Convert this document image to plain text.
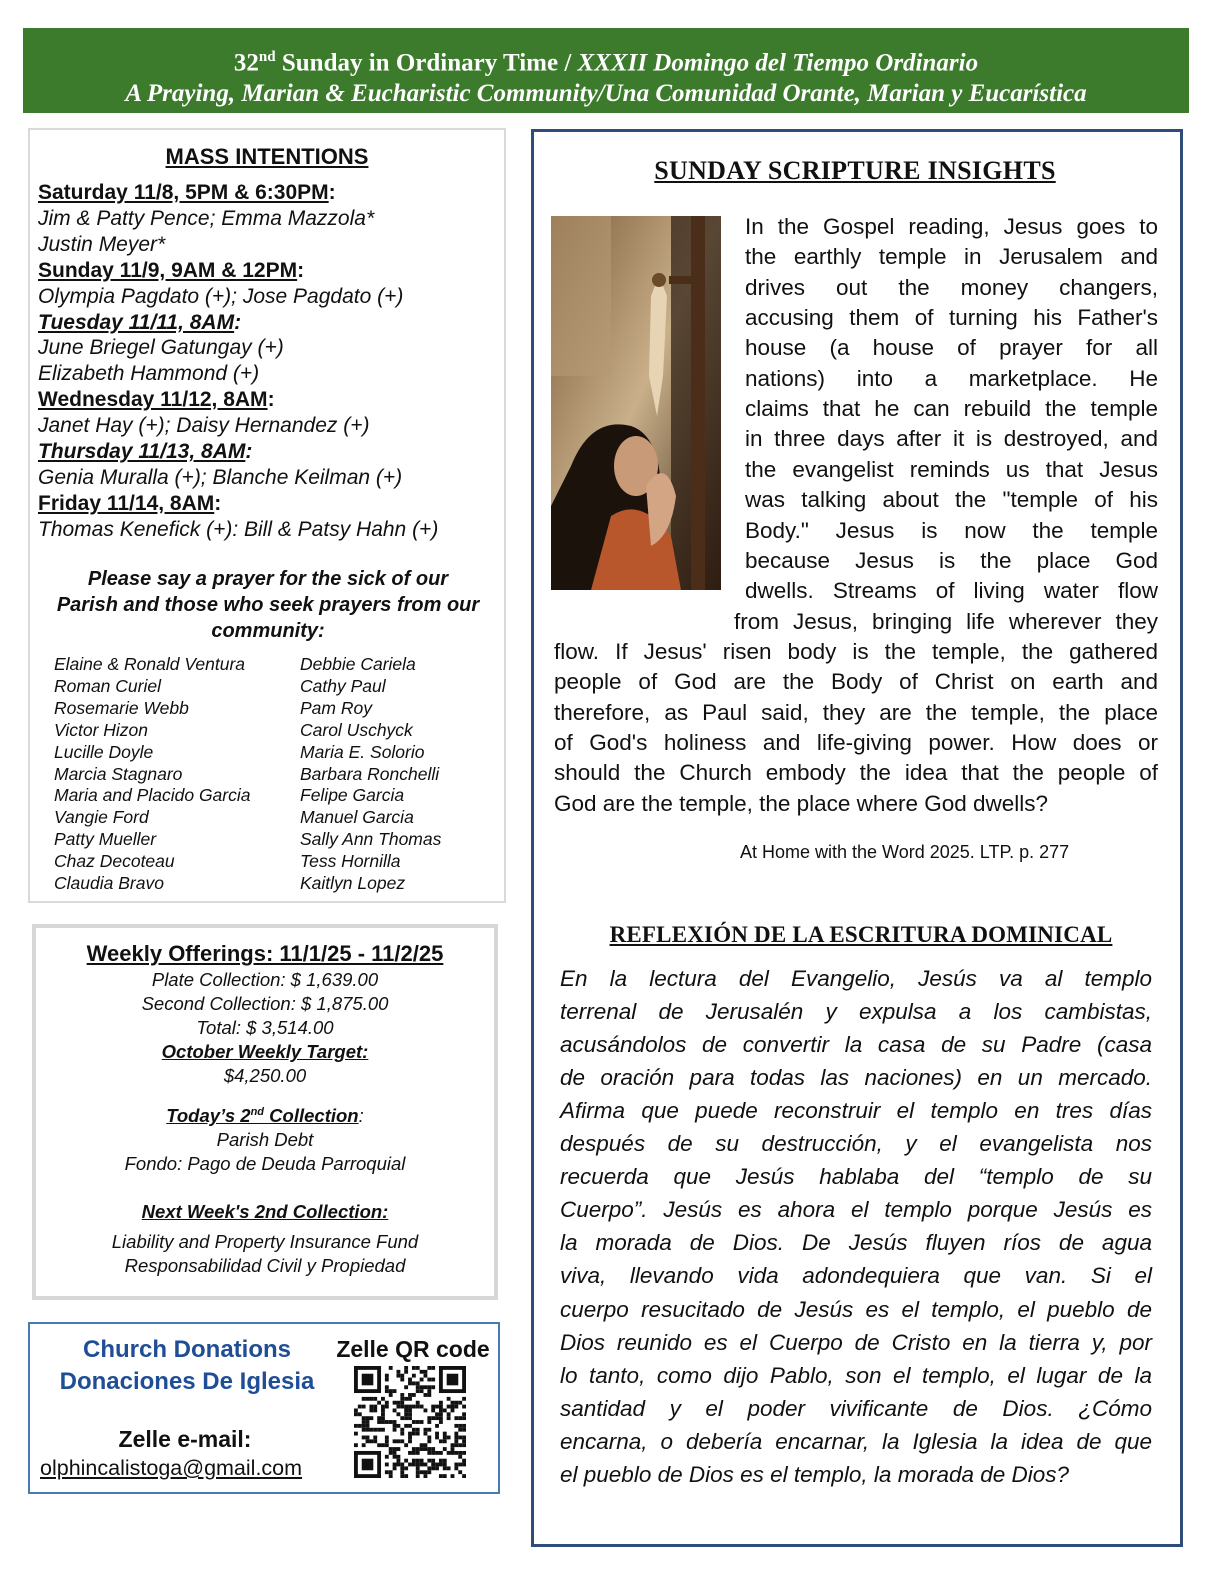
32nd Sunday in Ordinary Time / XXXII Domingo del Tiempo Ordinario
A Praying, Marian & Eucharistic Community/Una Comunidad Orante, Marian y Eucarística
MASS INTENTIONS
Saturday 11/8, 5PM & 6:30PM:
Jim & Patty Pence; Emma Mazzola*
Justin Meyer*
Sunday 11/9, 9AM & 12PM:
Olympia Pagdato (+); Jose Pagdato (+)
Tuesday 11/11, 8AM:
June Briegel Gatungay (+)
Elizabeth Hammond (+)
Wednesday 11/12, 8AM:
Janet Hay (+); Daisy Hernandez (+)
Thursday 11/13, 8AM:
Genia Muralla (+); Blanche Keilman (+)
Friday 11/14, 8AM:
Thomas Kenefick (+): Bill & Patsy Hahn (+)
Please say a prayer for the sick of our
Parish and those who seek prayers from our
community:
Elaine & Ronald Ventura
Roman Curiel
Rosemarie Webb
Victor Hizon
Lucille Doyle
Marcia Stagnaro
Maria and Placido Garcia
Vangie Ford
Patty Mueller
Chaz Decoteau
Claudia Bravo
Debbie Cariela
Cathy Paul
Pam Roy
Carol Uschyck
Maria E. Solorio
Barbara Ronchelli
Felipe Garcia
Manuel Garcia
Sally Ann Thomas
Tess Hornilla
Kaitlyn Lopez
Weekly Offerings: 11/1/25 - 11/2/25
Plate Collection: $ 1,639.00
Second Collection: $ 1,875.00
Total: $ 3,514.00
October Weekly Target:
$4,250.00
Today’s 2nd Collection:
Parish Debt
Fondo: Pago de Deuda Parroquial
Next Week's 2nd Collection:
Liability and Property Insurance Fund
Responsabilidad Civil y Propiedad
Church Donations
Donaciones De Iglesia
Zelle QR code
Zelle e-mail:
olphincalistoga@gmail.com
SUNDAY SCRIPTURE INSIGHTS
In the Gospel reading, Jesus goes to
the earthly temple in Jerusalem and
drives out the money changers,
accusing them of turning his Father's
house (a house of prayer for all
nations) into a marketplace. He
claims that he can rebuild the temple
in three days after it is destroyed, and
the evangelist reminds us that Jesus
was talking about the "temple of his
Body." Jesus is now the temple
because Jesus is the place God
dwells. Streams of living water flow
from Jesus, bringing life wherever they
flow. If Jesus' risen body is the temple, the gathered
people of God are the Body of Christ on earth and
therefore, as Paul said, they are the temple, the place
of God's holiness and life-giving power. How does or
should the Church embody the idea that the people of
God are the temple, the place where God dwells?
At Home with the Word 2025. LTP. p. 277
REFLEXIÓN DE LA ESCRITURA DOMINICAL
En la lectura del Evangelio, Jesús va al templo
terrenal de Jerusalén y expulsa a los cambistas,
acusándolos de convertir la casa de su Padre (casa
de oración para todas las naciones) en un mercado.
Afirma que puede reconstruir el templo en tres días
después de su destrucción, y el evangelista nos
recuerda que Jesús hablaba del “templo de su
Cuerpo”. Jesús es ahora el templo porque Jesús es
la morada de Dios. De Jesús fluyen ríos de agua
viva, llevando vida adondequiera que van. Si el
cuerpo resucitado de Jesús es el templo, el pueblo de
Dios reunido es el Cuerpo de Cristo en la tierra y, por
lo tanto, como dijo Pablo, son el templo, el lugar de la
santidad y el poder vivificante de Dios. ¿Cómo
encarna, o debería encarnar, la Iglesia la idea de que
el pueblo de Dios es el templo, la morada de Dios?
